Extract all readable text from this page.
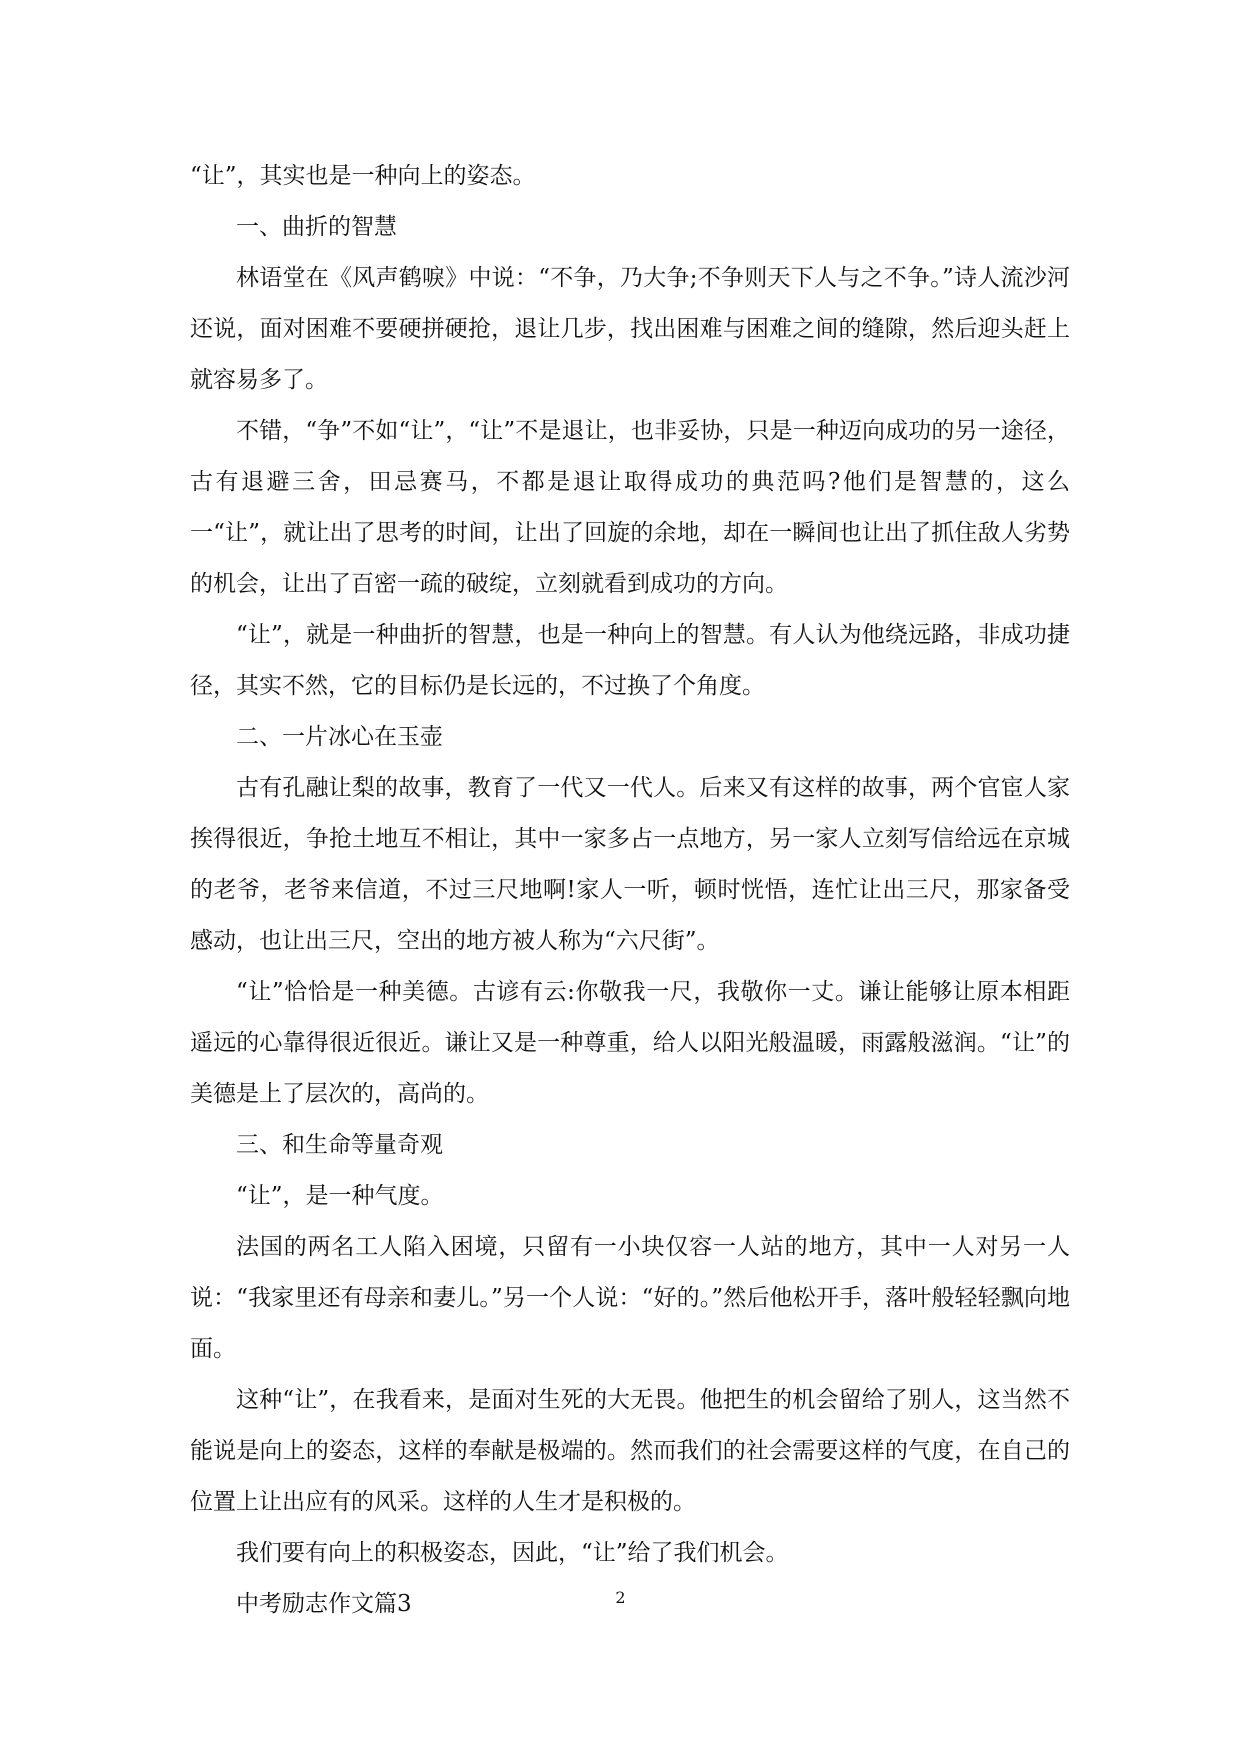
“让”，其实也是一种向上的姿态。

一、曲折的智慧

林语堂在《风声鹤唳》中说：“不争，乃大争;不争则天下人与之不争。”诗人流沙河还说，面对困难不要硬拼硬抢，退让几步，找出困难与困难之间的缝隙，然后迎头赶上就容易多了。

不错，“争”不如“让”，“让”不是退让，也非妥协，只是一种迈向成功的另一途径，古有退避三舍，田忌赛马，不都是退让取得成功的典范吗?他们是智慧的，这么一“让”，就让出了思考的时间，让出了回旋的余地，却在一瞬间也让出了抓住敌人劣势的机会，让出了百密一疏的破绽，立刻就看到成功的方向。

“让”，就是一种曲折的智慧，也是一种向上的智慧。有人认为他绕远路，非成功捷径，其实不然，它的目标仍是长远的，不过换了个角度。

二、一片冰心在玉壶

古有孔融让梨的故事，教育了一代又一代人。后来又有这样的故事，两个官宦人家挨得很近，争抢土地互不相让，其中一家多占一点地方，另一家人立刻写信给远在京城的老爷，老爷来信道，不过三尺地啊!家人一听，顿时恍悟，连忙让出三尺，那家备受感动，也让出三尺，空出的地方被人称为“六尺街”。

“让”恰恰是一种美德。古谚有云:你敬我一尺，我敬你一丈。谦让能够让原本相距遥远的心靠得很近很近。谦让又是一种尊重，给人以阳光般温暖，雨露般滋润。“让”的美德是上了层次的，高尚的。

三、和生命等量奇观

“让”，是一种气度。

法国的两名工人陷入困境，只留有一小块仅容一人站的地方，其中一人对另一人说：“我家里还有母亲和妻儿。”另一个人说：“好的。”然后他松开手，落叶般轻轻飘向地面。

这种“让”，在我看来，是面对生死的大无畏。他把生的机会留给了别人，这当然不能说是向上的姿态，这样的奉献是极端的。然而我们的社会需要这样的气度，在自己的位置上让出应有的风采。这样的人生才是积极的。

我们要有向上的积极姿态，因此，“让”给了我们机会。

中考励志作文篇3	2
